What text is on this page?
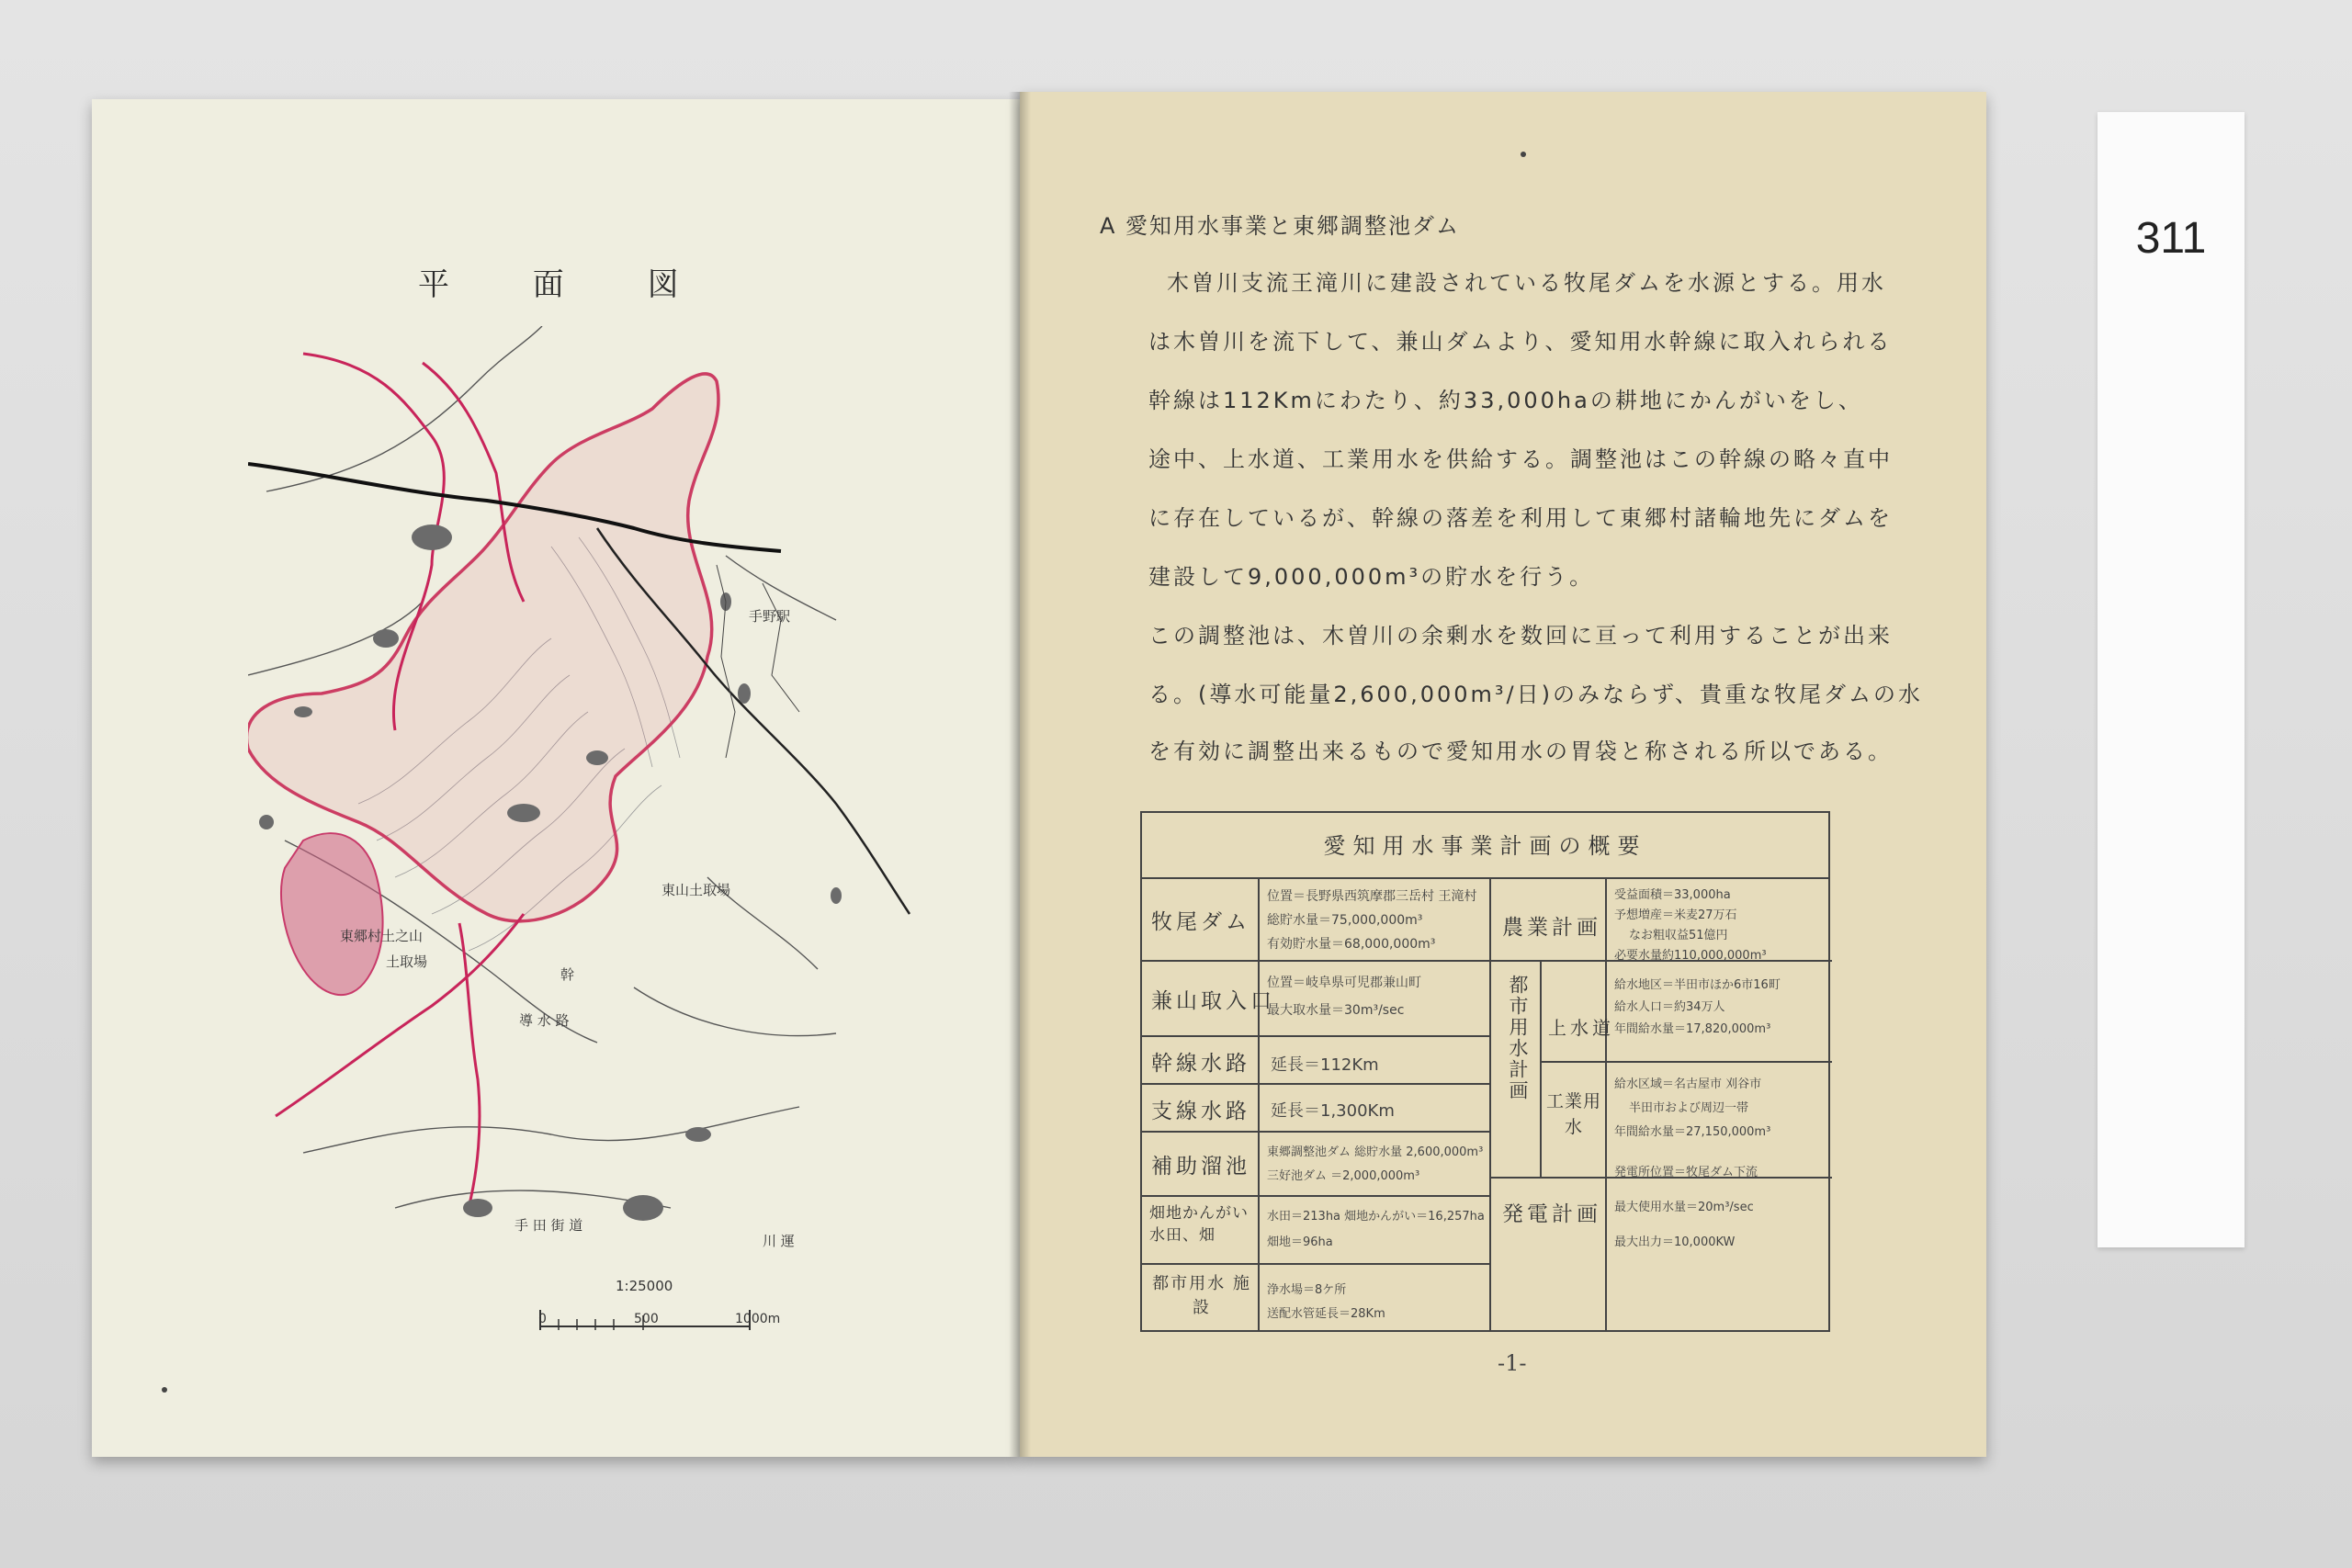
平 面 図
東山土取場
東郷村土之山
土取場
導 水 路
幹
手 田 街 道
手野駅
川 運
1:25000
0	500	1000m
A 愛知用水事業と東郷調整池ダム
木曽川支流王滝川に建設されている牧尾ダムを水源とする。用水
は木曽川を流下して、兼山ダムより、愛知用水幹線に取入れられる
幹線は112Kmにわたり、約33,000haの耕地にかんがいをし、
途中、上水道、工業用水を供給する。調整池はこの幹線の略々直中
に存在しているが、幹線の落差を利用して東郷村諸輪地先にダムを
建設して9,000,000m³の貯水を行う。
この調整池は、木曽川の余剰水を数回に亘って利用することが出来
る。(導水可能量2,600,000m³/日)のみならず、貴重な牧尾ダムの水
を有効に調整出来るもので愛知用水の胃袋と称される所以である。
愛知用水事業計画の概要
牧尾ダム
位置＝長野県西筑摩郡三岳村 王滝村
総貯水量＝75,000,000m³
有効貯水量＝68,000,000m³
兼山取入口
位置＝岐阜県可児郡兼山町
最大取水量＝30m³/sec
幹線水路 延長＝112Km
支線水路 延長＝1,300Km
補助溜池
東郷調整池ダム 総貯水量 2,600,000m³
三好池ダム ＝2,000,000m³
畑地かんがい 水田、畑
水田＝213ha 畑地かんがい＝16,257ha
畑地＝96ha
都市用水 施設
浄水場＝8ケ所
送配水管延長＝28Km
農業計画
受益面積＝33,000ha
予想増産＝米麦27万石
なお粗収益51億円
必要水量約110,000,000m³
都市用水計画 上水道
給水地区＝半田市ほか6市16町
給水人口＝約34万人
年間給水量＝17,820,000m³
工業用水
給水区域＝名古屋市 刈谷市
半田市および周辺一帯
年間給水量＝27,150,000m³
発電計画
発電所位置＝牧尾ダム下流
最大使用水量＝20m³/sec
最大出力＝10,000KW
-1-
311
